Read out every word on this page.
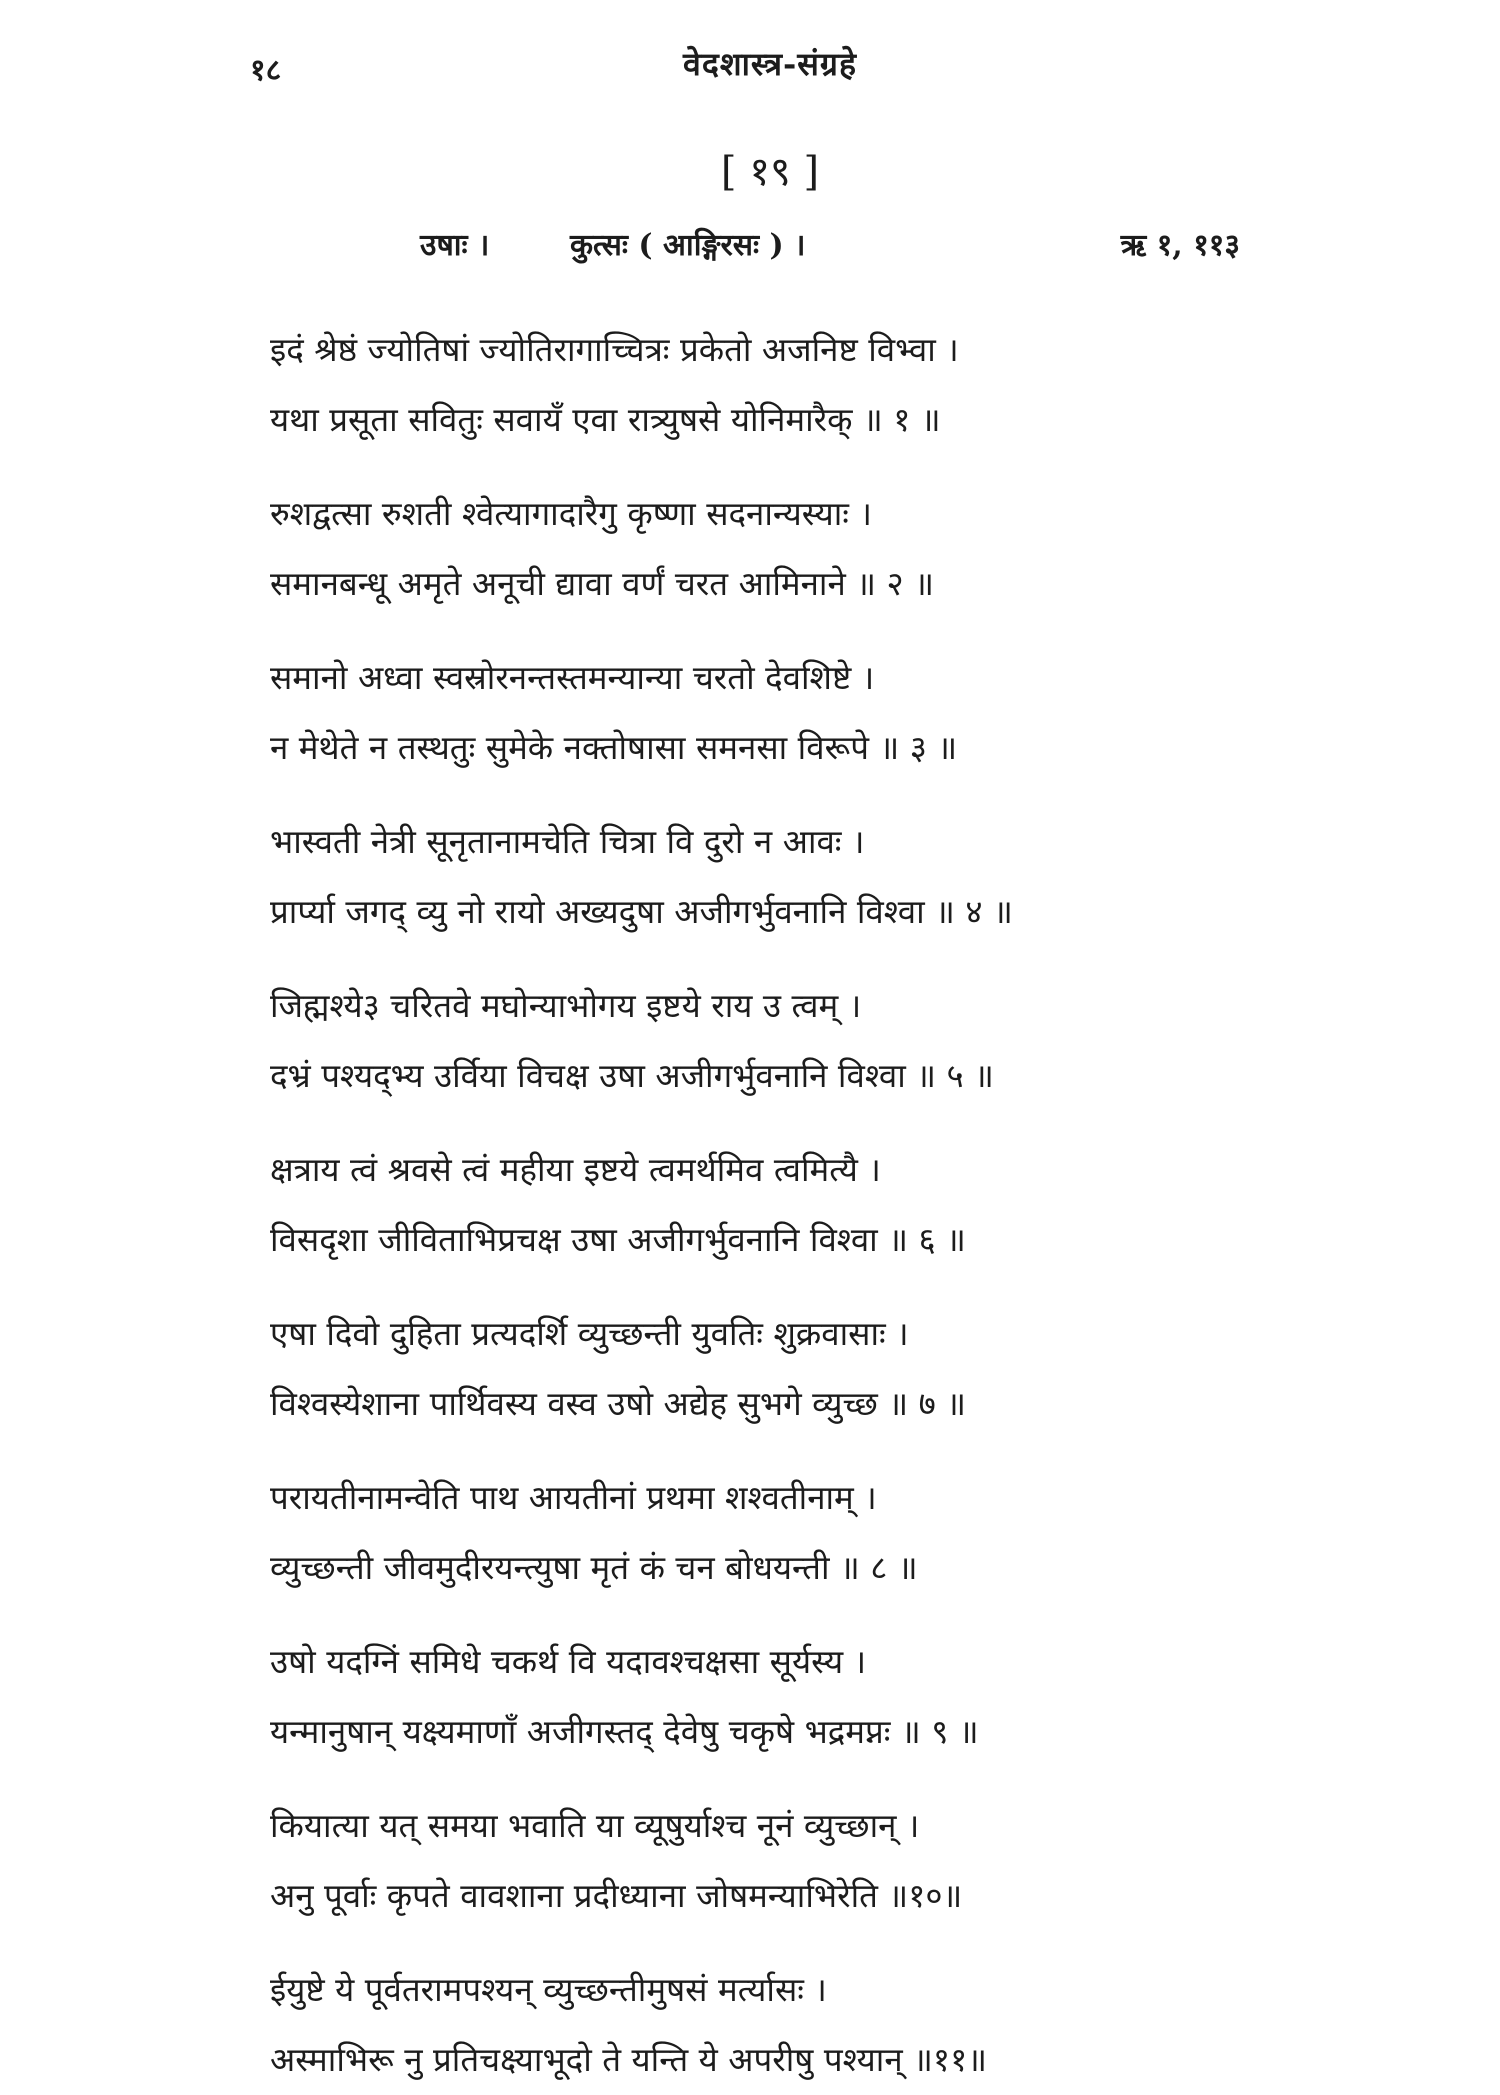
१८	वेदशास्त्र-संग्रहे
[ १९ ]
उषाः ।	कुत्सः ( आङ्गिरसः ) ।	ऋ १, ११३
इदं श्रेष्ठं ज्योतिषां ज्योतिरागाच्चित्रः प्रकेतो अजनिष्ट विभ्वा ।
यथा प्रसूता सवितुः सवायँ एवा रात्र्युषसे योनिमारैक् ॥ १ ॥
रुशद्वत्सा रुशती श्वेत्यागादारैगु कृष्णा सदनान्यस्याः ।
समानबन्धू अमृते अनूची द्यावा वर्णं चरत आमिनाने ॥ २ ॥
समानो अध्वा स्वस्रोरनन्तस्तमन्यान्या चरतो देवशिष्टे ।
न मेथेते न तस्थतुः सुमेके नक्तोषासा समनसा विरूपे ॥ ३ ॥
भास्वती नेत्री सूनृतानामचेति चित्रा वि दुरो न आवः ।
प्रार्प्या जगद् व्यु नो रायो अख्यदुषा अजीगर्भुवनानि विश्वा ॥ ४ ॥
जिह्मश्ये३ चरितवे मघोन्याभोगय इष्टये राय उ त्वम् ।
दभ्रं पश्यद्भ्य उर्विया विचक्ष उषा अजीगर्भुवनानि विश्वा ॥ ५ ॥
क्षत्राय त्वं श्रवसे त्वं महीया इष्टये त्वमर्थमिव त्वमित्यै ।
विसदृशा जीविताभिप्रचक्ष उषा अजीगर्भुवनानि विश्वा ॥ ६ ॥
एषा दिवो दुहिता प्रत्यदर्शि व्युच्छन्ती युवतिः शुक्रवासाः ।
विश्वस्येशाना पार्थिवस्य वस्व उषो अद्येह सुभगे व्युच्छ ॥ ७ ॥
परायतीनामन्वेति पाथ आयतीनां प्रथमा शश्वतीनाम् ।
व्युच्छन्ती जीवमुदीरयन्त्युषा मृतं कं चन बोधयन्ती ॥ ८ ॥
उषो यदग्निं समिधे चकर्थ वि यदावश्चक्षसा सूर्यस्य ।
यन्मानुषान् यक्ष्यमाणाँ अजीगस्तद् देवेषु चकृषे भद्रमप्नः ॥ ९ ॥
कियात्या यत् समया भवाति या व्यूषुर्याश्च नूनं व्युच्छान् ।
अनु पूर्वाः कृपते वावशाना प्रदीध्याना जोषमन्याभिरेति ॥१०॥
ईयुष्टे ये पूर्वतरामपश्यन् व्युच्छन्तीमुषसं मर्त्यासः ।
अस्माभिरू नु प्रतिचक्ष्याभूदो ते यन्ति ये अपरीषु पश्यान् ॥११॥
